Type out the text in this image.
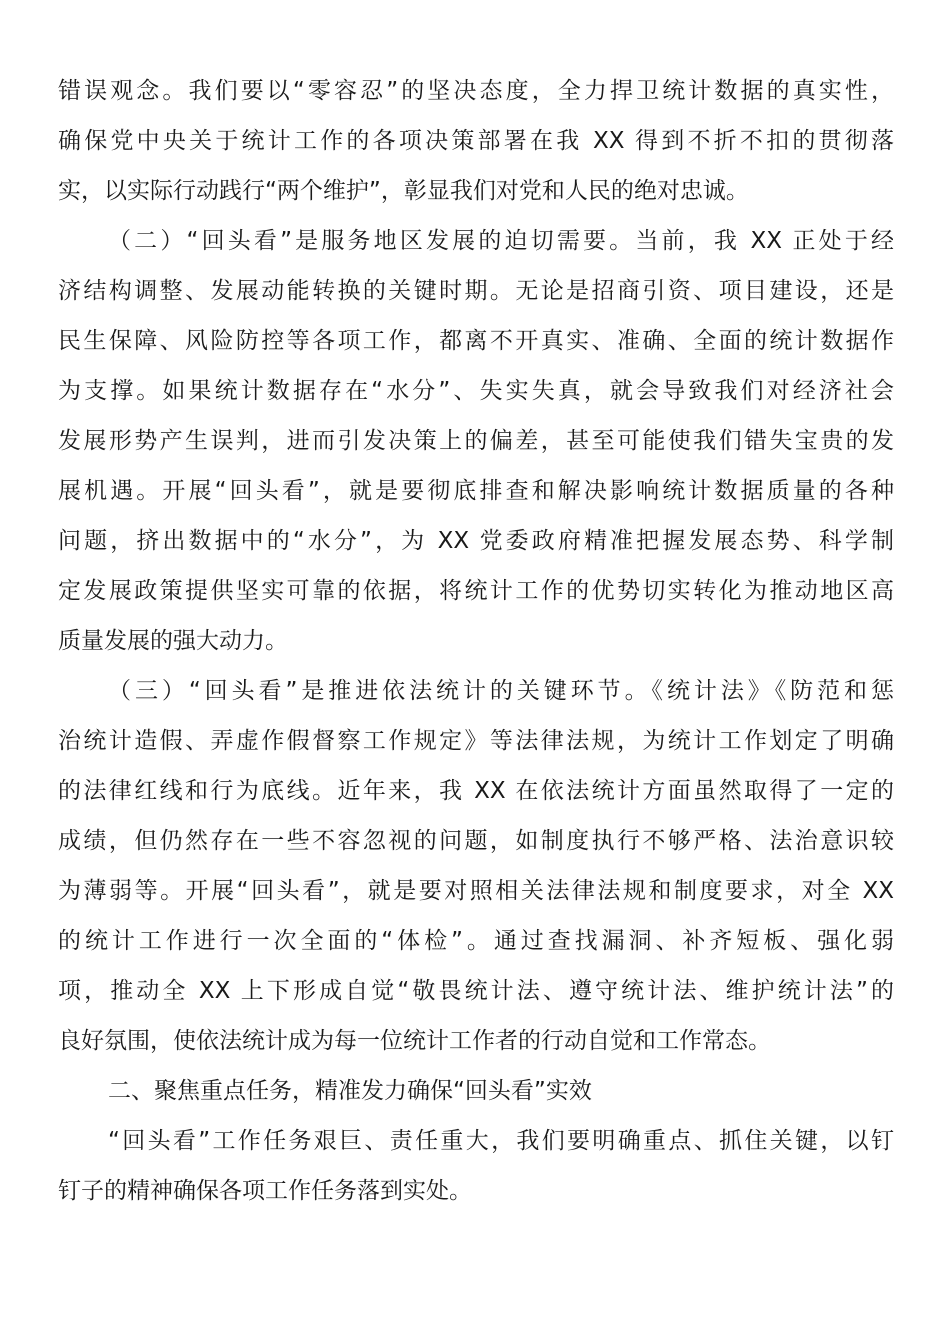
错误观念。我们要以“零容忍”的坚决态度，全力捍卫统计数据的真实性，
确保党中央关于统计工作的各项决策部署在我 XX 得到不折不扣的贯彻落
实，以实际行动践行“两个维护”，彰显我们对党和人民的绝对忠诚。
（二）“回头看”是服务地区发展的迫切需要。当前，我 XX 正处于经
济结构调整、发展动能转换的关键时期。无论是招商引资、项目建设，还是
民生保障、风险防控等各项工作，都离不开真实、准确、全面的统计数据作
为支撑。如果统计数据存在“水分”、失实失真，就会导致我们对经济社会
发展形势产生误判，进而引发决策上的偏差，甚至可能使我们错失宝贵的发
展机遇。开展“回头看”，就是要彻底排查和解决影响统计数据质量的各种
问题，挤出数据中的“水分”，为 XX 党委政府精准把握发展态势、科学制
定发展政策提供坚实可靠的依据，将统计工作的优势切实转化为推动地区高
质量发展的强大动力。
（三）“回头看”是推进依法统计的关键环节。《统计法》《防范和惩
治统计造假、弄虚作假督察工作规定》等法律法规，为统计工作划定了明确
的法律红线和行为底线。近年来，我 XX 在依法统计方面虽然取得了一定的
成绩，但仍然存在一些不容忽视的问题，如制度执行不够严格、法治意识较
为薄弱等。开展“回头看”，就是要对照相关法律法规和制度要求，对全 XX
的统计工作进行一次全面的“体检”。通过查找漏洞、补齐短板、强化弱
项，推动全 XX 上下形成自觉“敬畏统计法、遵守统计法、维护统计法”的
良好氛围，使依法统计成为每一位统计工作者的行动自觉和工作常态。
二、聚焦重点任务，精准发力确保“回头看”实效
“回头看”工作任务艰巨、责任重大，我们要明确重点、抓住关键，以钉
钉子的精神确保各项工作任务落到实处。
